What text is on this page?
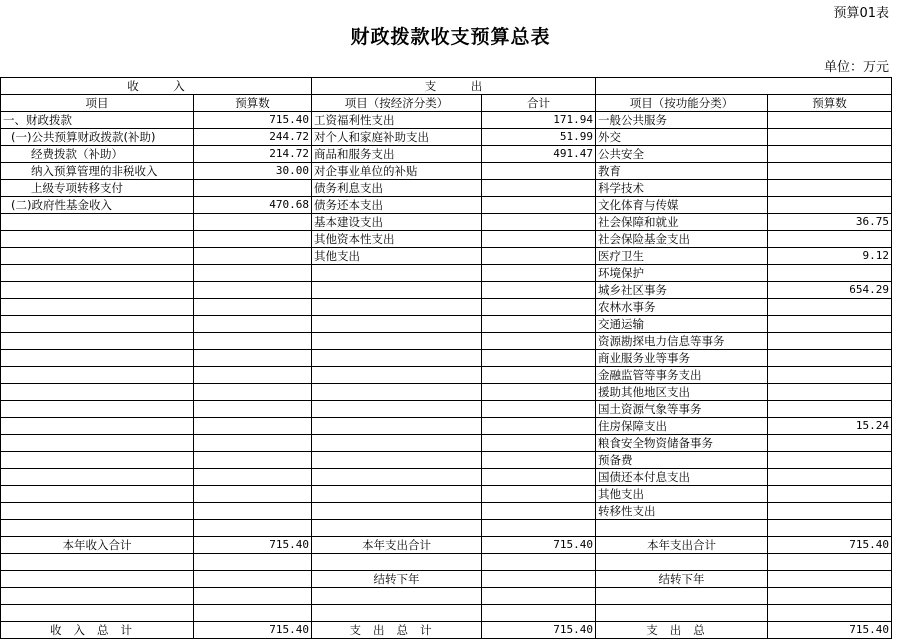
预算01表
财政拨款收支预算总表
单位：万元
收　　　入		支　　　出			
项目	预算数	项目（按经济分类）	合计	项目（按功能分类）	预算数
一、财政拨款	715.40	工资福利性支出	171.94	一般公共服务	
(一)公共预算财政拨款(补助)	244.72	对个人和家庭补助支出	51.99	外交	
经费拨款（补助）	214.72	商品和服务支出	491.47	公共安全	
纳入预算管理的非税收入	30.00	对企事业单位的补贴		教育	
上级专项转移支付		债务利息支出		科学技术	
(二)政府性基金收入	470.68	债务还本支出		文化体育与传媒	
		基本建设支出		社会保障和就业	36.75
		其他资本性支出		社会保险基金支出	
		其他支出		医疗卫生	9.12
				环境保护	
				城乡社区事务	654.29
				农林水事务	
				交通运输	
				资源勘探电力信息等事务	
				商业服务业等事务	
				金融监管等事务支出	
				援助其他地区支出	
				国土资源气象等事务	
				住房保障支出	15.24
				粮食安全物资储备事务	
				预备费	
				国债还本付息支出	
				其他支出	
				转移性支出	

本年收入合计	715.40	本年支出合计	715.40	本年支出合计	715.40

		结转下年		结转下年	

收入总计	715.40	支出总计	715.40	支出总	715.40
